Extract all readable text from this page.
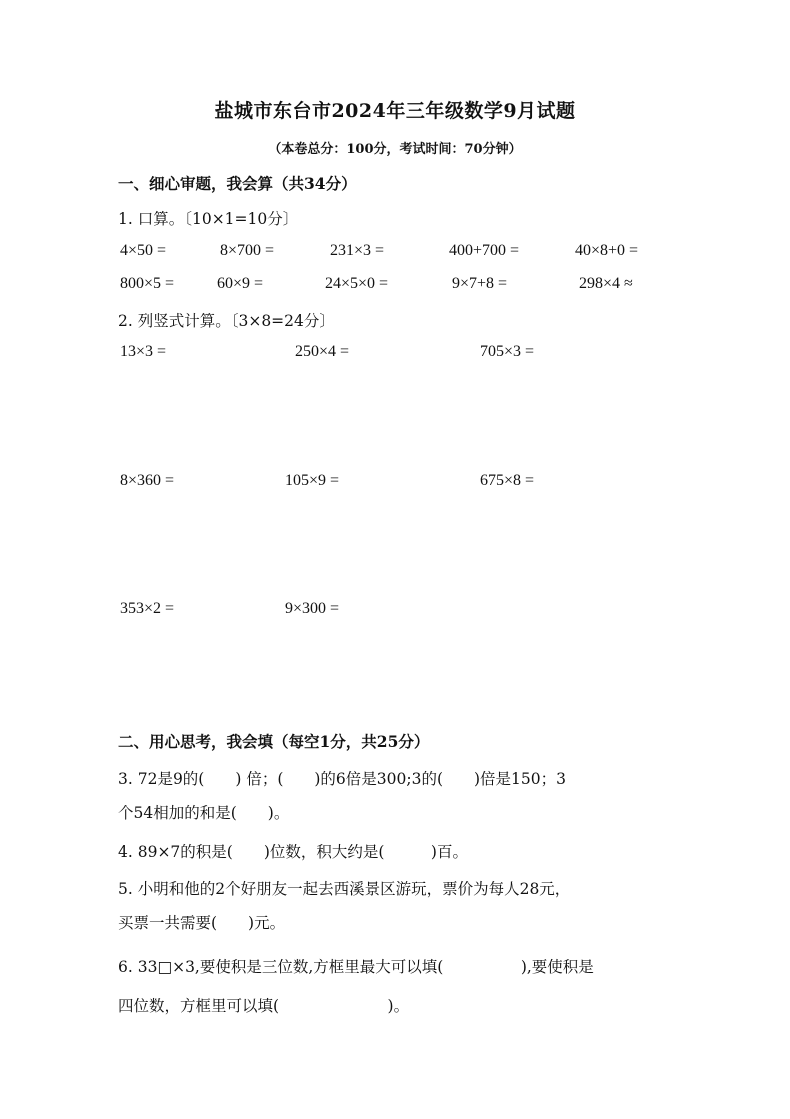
盐城市东台市2024年三年级数学9月试题
（本卷总分：100分，考试时间：70分钟）
一、细心审题，我会算（共34分）
1. 口算。〔10×1=10分〕
4×50 =	8×700 =	231×3 =	400+700 =	40×8+0 =
800×5 =	60×9 =	24×5×0 =	9×7+8 =	298×4 ≈
2. 列竖式计算。〔3×8=24分〕
13×3 =	250×4 =	705×3 =
8×360 =	105×9 =	675×8 =
353×2 =	9×300 =
二、用心思考，我会填（每空1分，共25分）
3. 72是9的(　　) 倍；(　　)的6倍是300;3的(　　)倍是150；3
个54相加的和是(　　)。
4. 89×7的积是(　　)位数，积大约是(　　　)百。
5. 小明和他的2个好朋友一起去西溪景区游玩，票价为每人28元，
买票一共需要(　　)元。
6. 33□×3,要使积是三位数,方框里最大可以填(　　　　　),要使积是
四位数，方框里可以填(　　　　　　　)。
